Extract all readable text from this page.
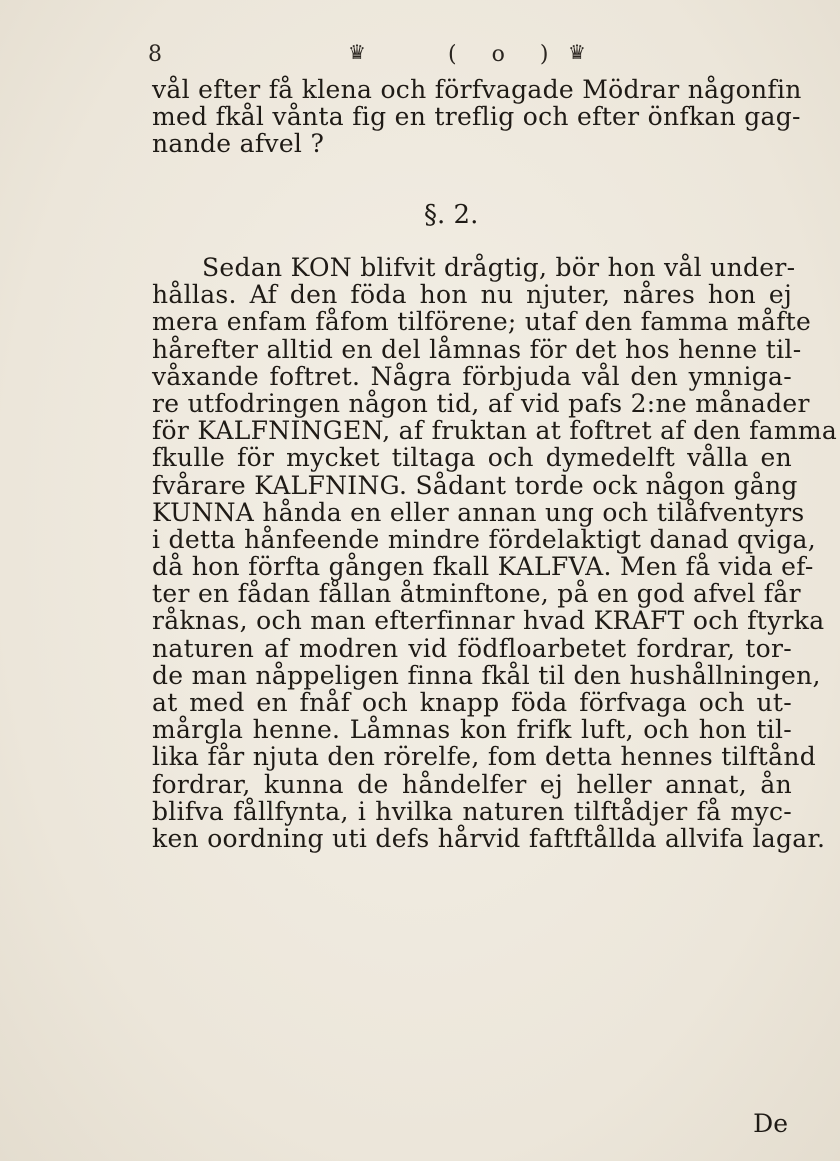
8	♛	( o ) ♛
vål efter få klena och förfvagade Mödrar någonfin
med fkål vånta fig en treflig och efter önfkan gag-
nande afvel ?
§. 2.
Sedan KON blifvit drågtig, bör hon vål under-
hållas. Af den föda hon nu njuter, nåres hon ej
mera enfam fåfom tilförene; utaf den famma måfte
hårefter alltid en del låmnas för det hos henne til-
våxande foftret. Några förbjuda vål den ymniga-
re utfodringen någon tid, af vid pafs 2:ne månader
för KALFNINGEN, af fruktan at foftret af den famma
fkulle för mycket tiltaga och dymedelft vålla en
fvårare KALFNING. Sådant torde ock någon gång
KUNNA hånda en eller annan ung och tilåfventyrs
i detta hånfeende mindre fördelaktigt danad qviga,
då hon förfta gången fkall KALFVA. Men få vida ef-
ter en fådan fållan åtminftone, på en god afvel får
råknas, och man efterfinnar hvad KRAFT och ftyrka
naturen af modren vid födfloarbetet fordrar, tor-
de man nåppeligen finna fkål til den hushållningen,
at med en fnåf och knapp föda förfvaga och ut-
mårgla henne. Låmnas kon frifk luft, och hon til-
lika får njuta den rörelfe, fom detta hennes tilftånd
fordrar, kunna de håndelfer ej heller annat, ån
blifva fållfynta, i hvilka naturen tilftådjer få myc-
ken oordning uti defs hårvid faftftållda allvifa lagar.
De
